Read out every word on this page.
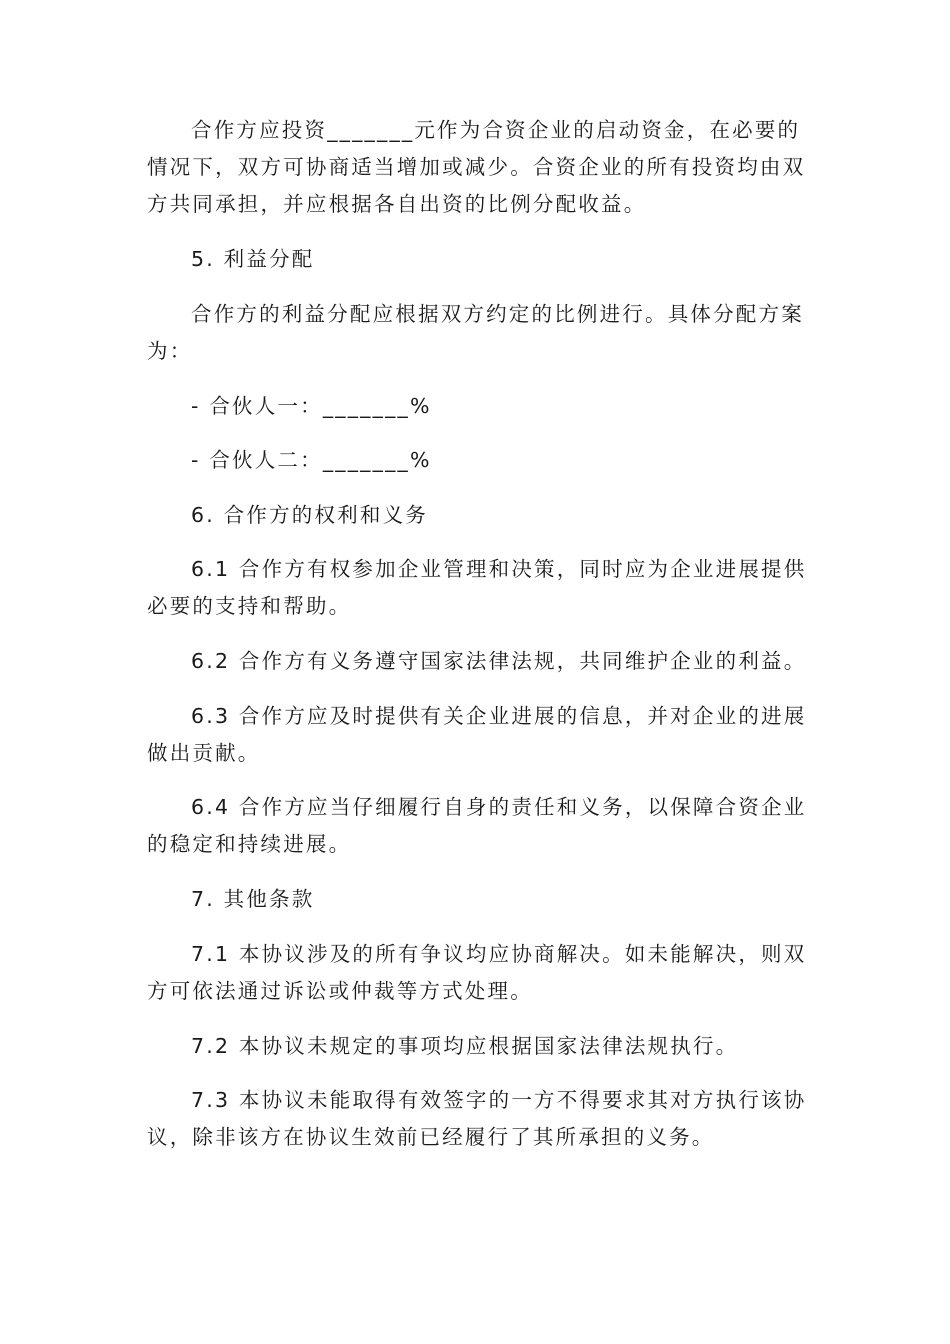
合作方应投资_______元作为合资企业的启动资金，在必要的情况下，双方可协商适当增加或减少。合资企业的所有投资均由双方共同承担，并应根据各自出资的比例分配收益。

5. 利益分配

合作方的利益分配应根据双方约定的比例进行。具体分配方案为：

- 合伙人一：_______%

- 合伙人二：_______%

6. 合作方的权利和义务

6.1 合作方有权参加企业管理和决策，同时应为企业进展提供必要的支持和帮助。

6.2 合作方有义务遵守国家法律法规，共同维护企业的利益。

6.3 合作方应及时提供有关企业进展的信息，并对企业的进展做出贡献。

6.4 合作方应当仔细履行自身的责任和义务，以保障合资企业的稳定和持续进展。

7. 其他条款

7.1 本协议涉及的所有争议均应协商解决。如未能解决，则双方可依法通过诉讼或仲裁等方式处理。

7.2 本协议未规定的事项均应根据国家法律法规执行。

7.3 本协议未能取得有效签字的一方不得要求其对方执行该协议，除非该方在协议生效前已经履行了其所承担的义务。
